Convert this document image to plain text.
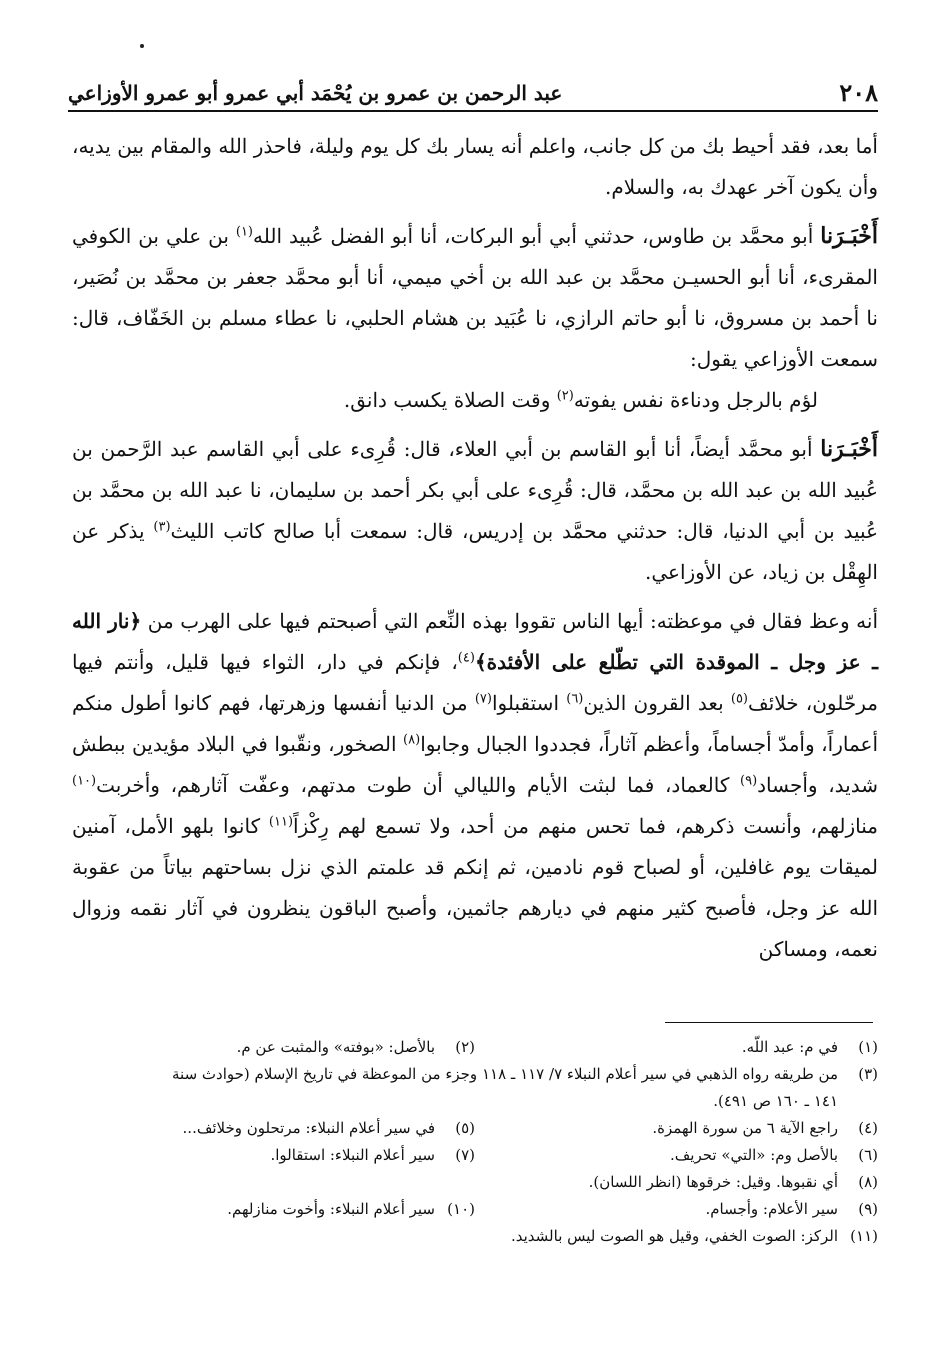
٢٠٨
عبد الرحمن بن عمرو بن يُحْمَد أبي عمرو أبو عمرو الأوزاعي

أما بعد، فقد أحيط بك من كل جانب، واعلم أنه يسار بك كل يوم وليلة، فاحذر الله والمقام بين يديه، وأن يكون آخر عهدك به، والسلام.

أَخْبَـرَنا أبو محمَّد بن طاوس، حدثني أبي أبو البركات، أنا أبو الفضل عُبيد الله$^{(١)}$ بن علي بن الكوفي المقرىء، أنا أبو الحسيـن محمَّد بن عبد الله بن أخي ميمي، أنا أبو محمَّد جعفر بن محمَّد بن نُصَير، نا أحمد بن مسروق، نا أبو حاتم الرازي، نا عُبَيد بن هشام الحلبي، نا عطاء مسلم بن الخَفّاف، قال: سمعت الأوزاعي يقول:

لؤم بالرجل ودناءة نفس يفوته$^{(٢)}$ وقت الصلاة يكسب دانق.

أَخْبَـرَنا أبو محمَّد أيضاً، أنا أبو القاسم بن أبي العلاء، قال: قُرِىء على أبي القاسم عبد الرَّحمن بن عُبيد الله بن عبد الله بن محمَّد، قال: قُرِىء على أبي بكر أحمد بن سليمان، نا عبد الله بن محمَّد بن عُبيد بن أبي الدنيا، قال: حدثني محمَّد بن إدريس، قال: سمعت أبا صالح كاتب الليث$^{(٣)}$ يذكر عن الهِقْل بن زياد، عن الأوزاعي.

أنه وعظ فقال في موعظته: أيها الناس تقووا بهذه النِّعم التي أصبحتم فيها على الهرب من ﴿نار الله ـ عز وجل ـ الموقدة التي تطّلع على الأفئدة﴾$^{(٤)}$، فإنكم في دار، الثواء فيها قليل، وأنتم فيها مرحّلون، خلائف$^{(٥)}$ بعد القرون الذين$^{(٦)}$ استقبلوا$^{(٧)}$ من الدنيا أنفسها وزهرتها، فهم كانوا أطول منكم أعماراً، وأمدّ أجساماً، وأعظم آثاراً، فجددوا الجبال وجابوا$^{(٨)}$ الصخور، ونقّبوا في البلاد مؤيدين ببطش شديد، وأجساد$^{(٩)}$ كالعماد، فما لبثت الأيام والليالي أن طوت مدتهم، وعفّت آثارهم، وأخربت$^{(١٠)}$ منازلهم، وأنست ذكرهم، فما تحس منهم من أحد، ولا تسمع لهم رِكْزاً$^{(١١)}$ كانوا بلهو الأمل، آمنين لميقات يوم غافلين، أو لصباح قوم نادمين، ثم إنكم قد علمتم الذي نزل بساحتهم بياتاً من عقوبة الله عز وجل، فأصبح كثير منهم في ديارهم جاثمين، وأصبح الباقون ينظرون في آثار نقمه وزوال نعمه، ومساكن

(١)
في م: عبد اللّه.
(٢)
بالأصل: «بوفته» والمثبت عن م.
(٣)
من طريقه رواه الذهبي في سير أعلام النبلاء ٧/ ١١٧ ـ ١١٨ وجزء من الموعظة في تاريخ الإسلام (حوادث سنة
١٤١ ـ ١٦٠ ص ٤٩١).
(٤)
راجع الآية ٦ من سورة الهمزة.
(٥)
في سير أعلام النبلاء: مرتحلون وخلائف...
(٦)
بالأصل وم: «التي» تحريف.
(٧)
سير أعلام النبلاء: استقالوا.
(٨)
أي نقبوها. وقيل: خرقوها (انظر اللسان).
(٩)
سير الأعلام: وأجسام.
(١٠)
سير أعلام النبلاء: وأخوت منازلهم.
(١١)
الركز: الصوت الخفي، وقيل هو الصوت ليس بالشديد.
